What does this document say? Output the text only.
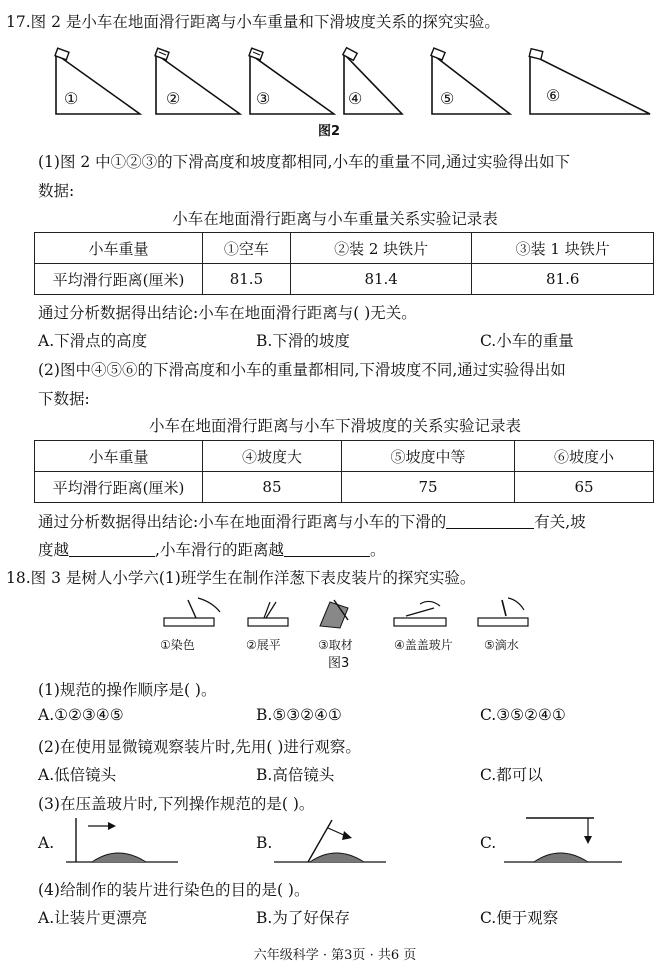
17.图 2 是小车在地面滑行距离与小车重量和下滑坡度关系的探究实验。
①	②	③	④	⑤	⑥
图2
(1)图 2 中①②③的下滑高度和坡度都相同,小车的重量不同,通过实验得出如下
数据:
小车在地面滑行距离与小车重量关系实验记录表
小车重量	①空车	②装 2 块铁片	③装 1 块铁片
平均滑行距离(厘米)	81.5	81.4	81.6
通过分析数据得出结论:小车在地面滑行距离与( )无关。
A.下滑点的高度	B.下滑的坡度	C.小车的重量
(2)图中④⑤⑥的下滑高度和小车的重量都相同,下滑坡度不同,通过实验得出如
下数据:
小车在地面滑行距离与小车下滑坡度的关系实验记录表
小车重量	④坡度大	⑤坡度中等	⑥坡度小
平均滑行距离(厘米)	85	75	65
通过分析数据得出结论:小车在地面滑行距离与小车的下滑的	有关,坡
度越	,小车滑行的距离越	。
18.图 3 是树人小学六(1)班学生在制作洋葱下表皮装片的探究实验。
①染色	②展平	③取材	④盖盖玻片	⑤滴水
图3
(1)规范的操作顺序是( )。
A.①②③④⑤	B.⑤③②④①	C.③⑤②④①
(2)在使用显微镜观察装片时,先用( )进行观察。
A.低倍镜头	B.高倍镜头	C.都可以
(3)在压盖玻片时,下列操作规范的是( )。
A.	B.	C.
(4)给制作的装片进行染色的目的是( )。
A.让装片更漂亮	B.为了好保存	C.便于观察
六年级科学 · 第3页 · 共6 页
